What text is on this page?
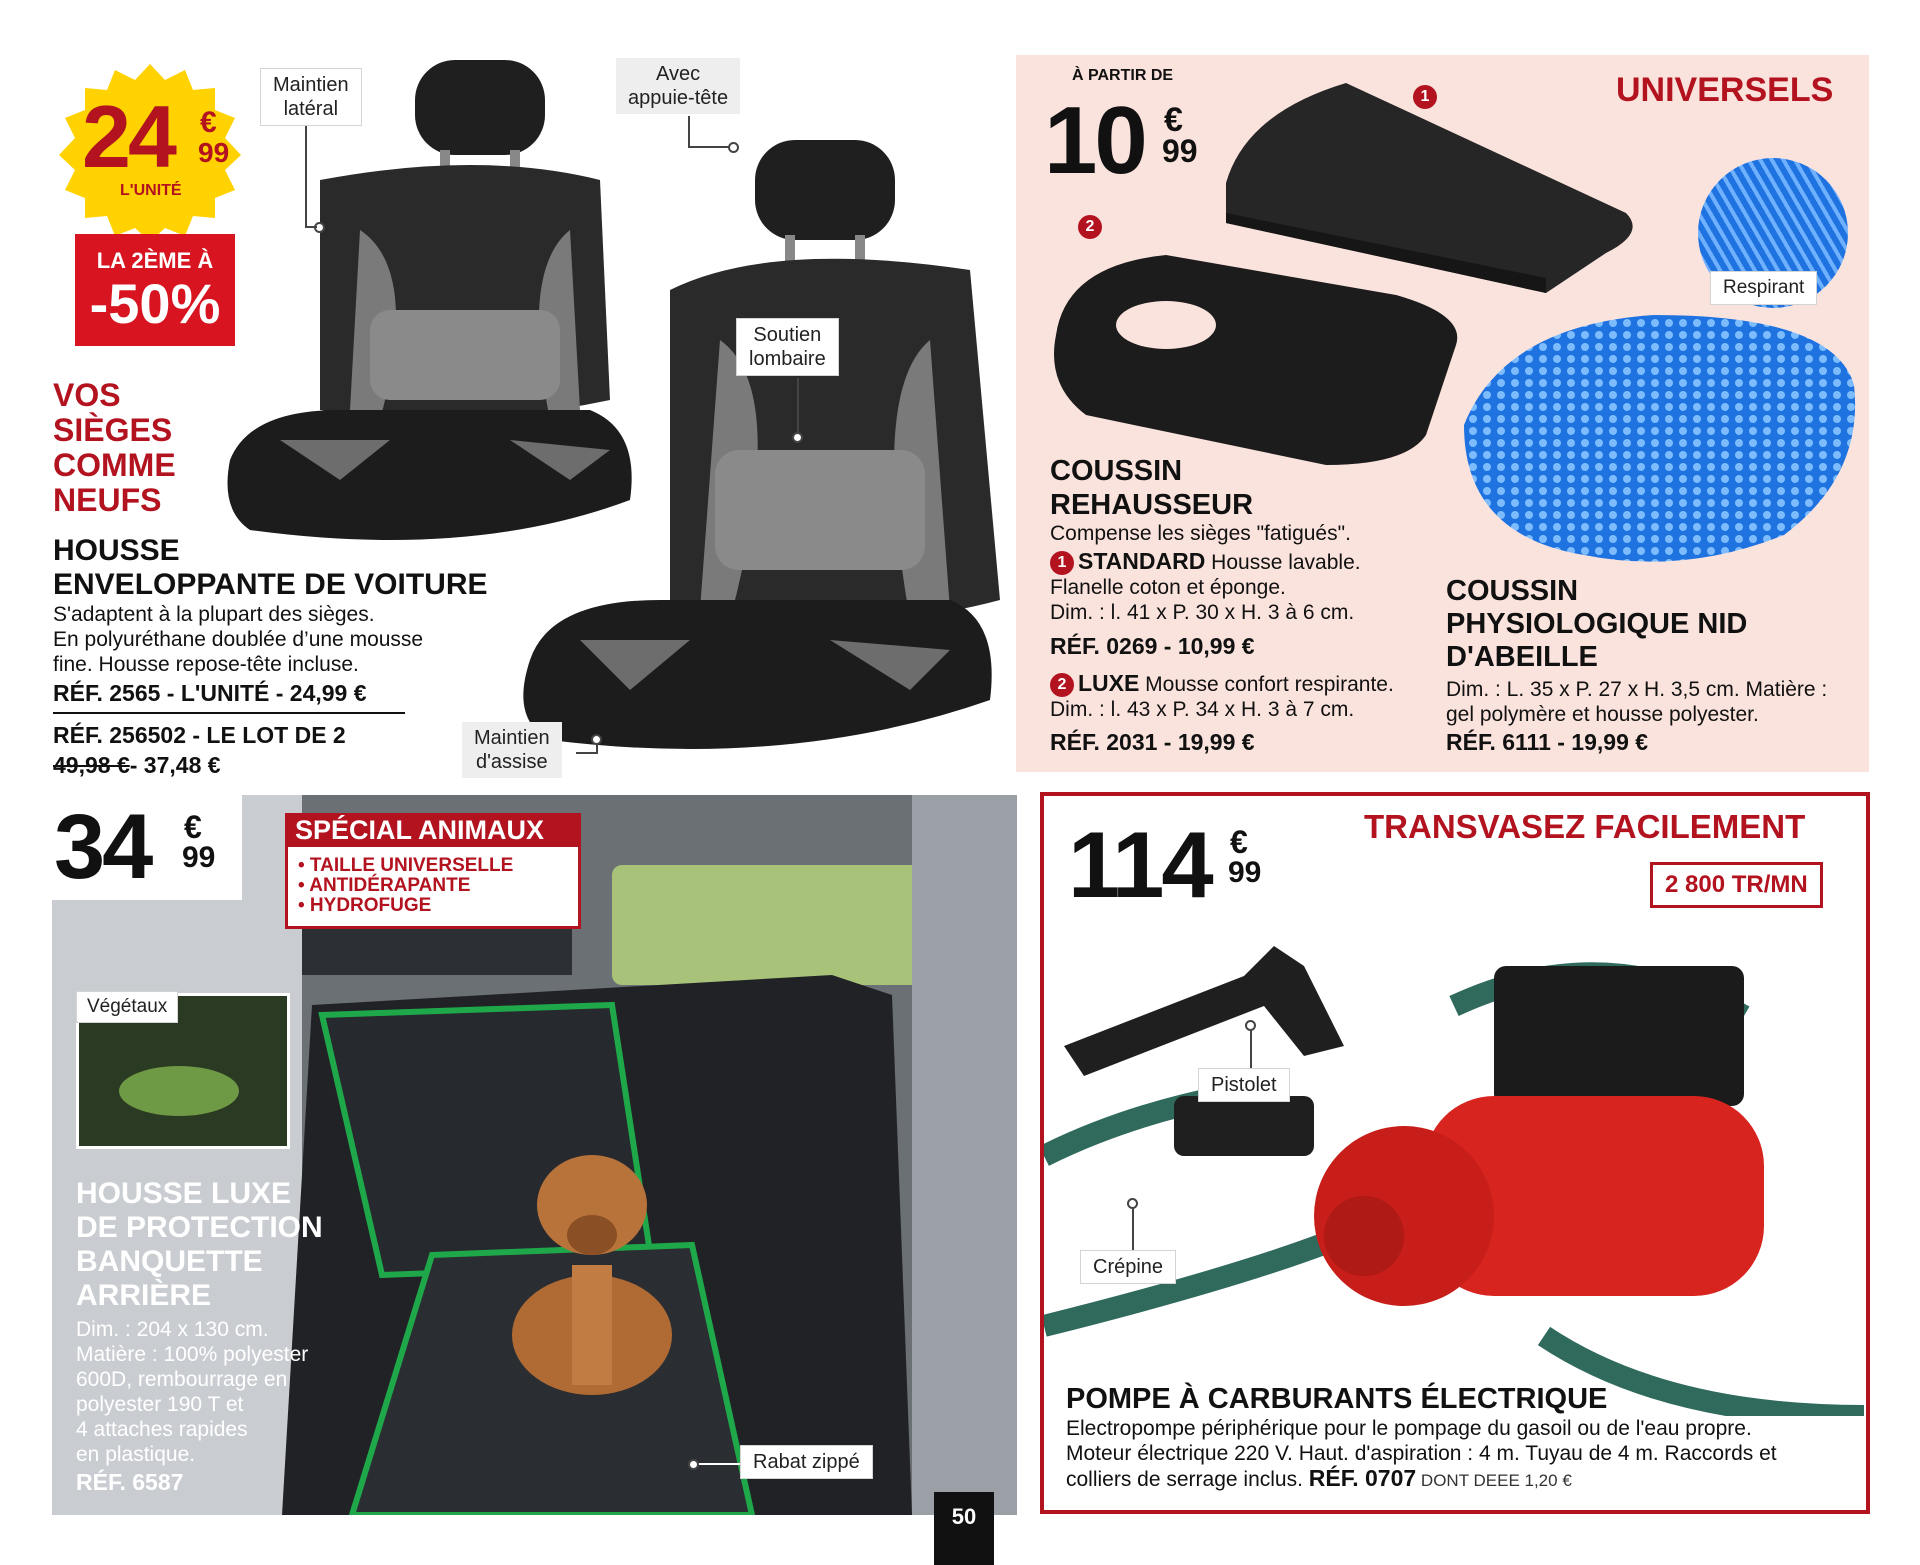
24 €
99
L'UNITÉ
LA 2ÈME À
-50%
VOS
SIÈGES
COMME
NEUFS
Maintien
latéral
Avec
appuie-tête
Soutien
lombaire
Maintien
d'assise
HOUSSE
ENVELOPPANTE DE VOITURE
S'adaptent à la plupart des sièges.
En polyuréthane doublée d’une mousse
fine. Housse repose-tête incluse.
RÉF. 2565 - L'UNITÉ - 24,99 €
RÉF. 256502 - LE LOT DE 2
49,98 €- 37,48 €
À PARTIR DE
10 €
99
UNIVERSELS
1
2
Respirant
COUSSIN
REHAUSSEUR
Compense les sièges "fatigués".
1 STANDARD Housse lavable.
Flanelle coton et éponge.
Dim. : l. 41 x P. 30 x H. 3 à 6 cm.
RÉF. 0269 - 10,99 €
2 LUXE Mousse confort respirante.
Dim. : l. 43 x P. 34 x H. 3 à 7 cm.
RÉF. 2031 - 19,99 €
COUSSIN
PHYSIOLOGIQUE NID
D'ABEILLE
Dim. : L. 35 x P. 27 x H. 3,5 cm. Matière :
gel polymère et housse polyester.
RÉF. 6111 - 19,99 €
34 €
99
SPÉCIAL ANIMAUX
• TAILLE UNIVERSELLE
• ANTIDÉRAPANTE
• HYDROFUGE
Végétaux
HOUSSE LUXE
DE PROTECTION
BANQUETTE
ARRIÈRE
Dim. : 204 x 130 cm.
Matière : 100% polyester
600D, rembourrage en
polyester 190 T et
4 attaches rapides
en plastique.
RÉF. 6587
Rabat zippé
50
114 €
99
TRANSVASEZ FACILEMENT
2 800 TR/MN
Pistolet
Crépine
POMPE À CARBURANTS ÉLECTRIQUE
Electropompe périphérique pour le pompage du gasoil ou de l'eau propre.
Moteur électrique 220 V. Haut. d'aspiration : 4 m. Tuyau de 4 m. Raccords et
colliers de serrage inclus. RÉF. 0707 DONT DEEE 1,20 €
